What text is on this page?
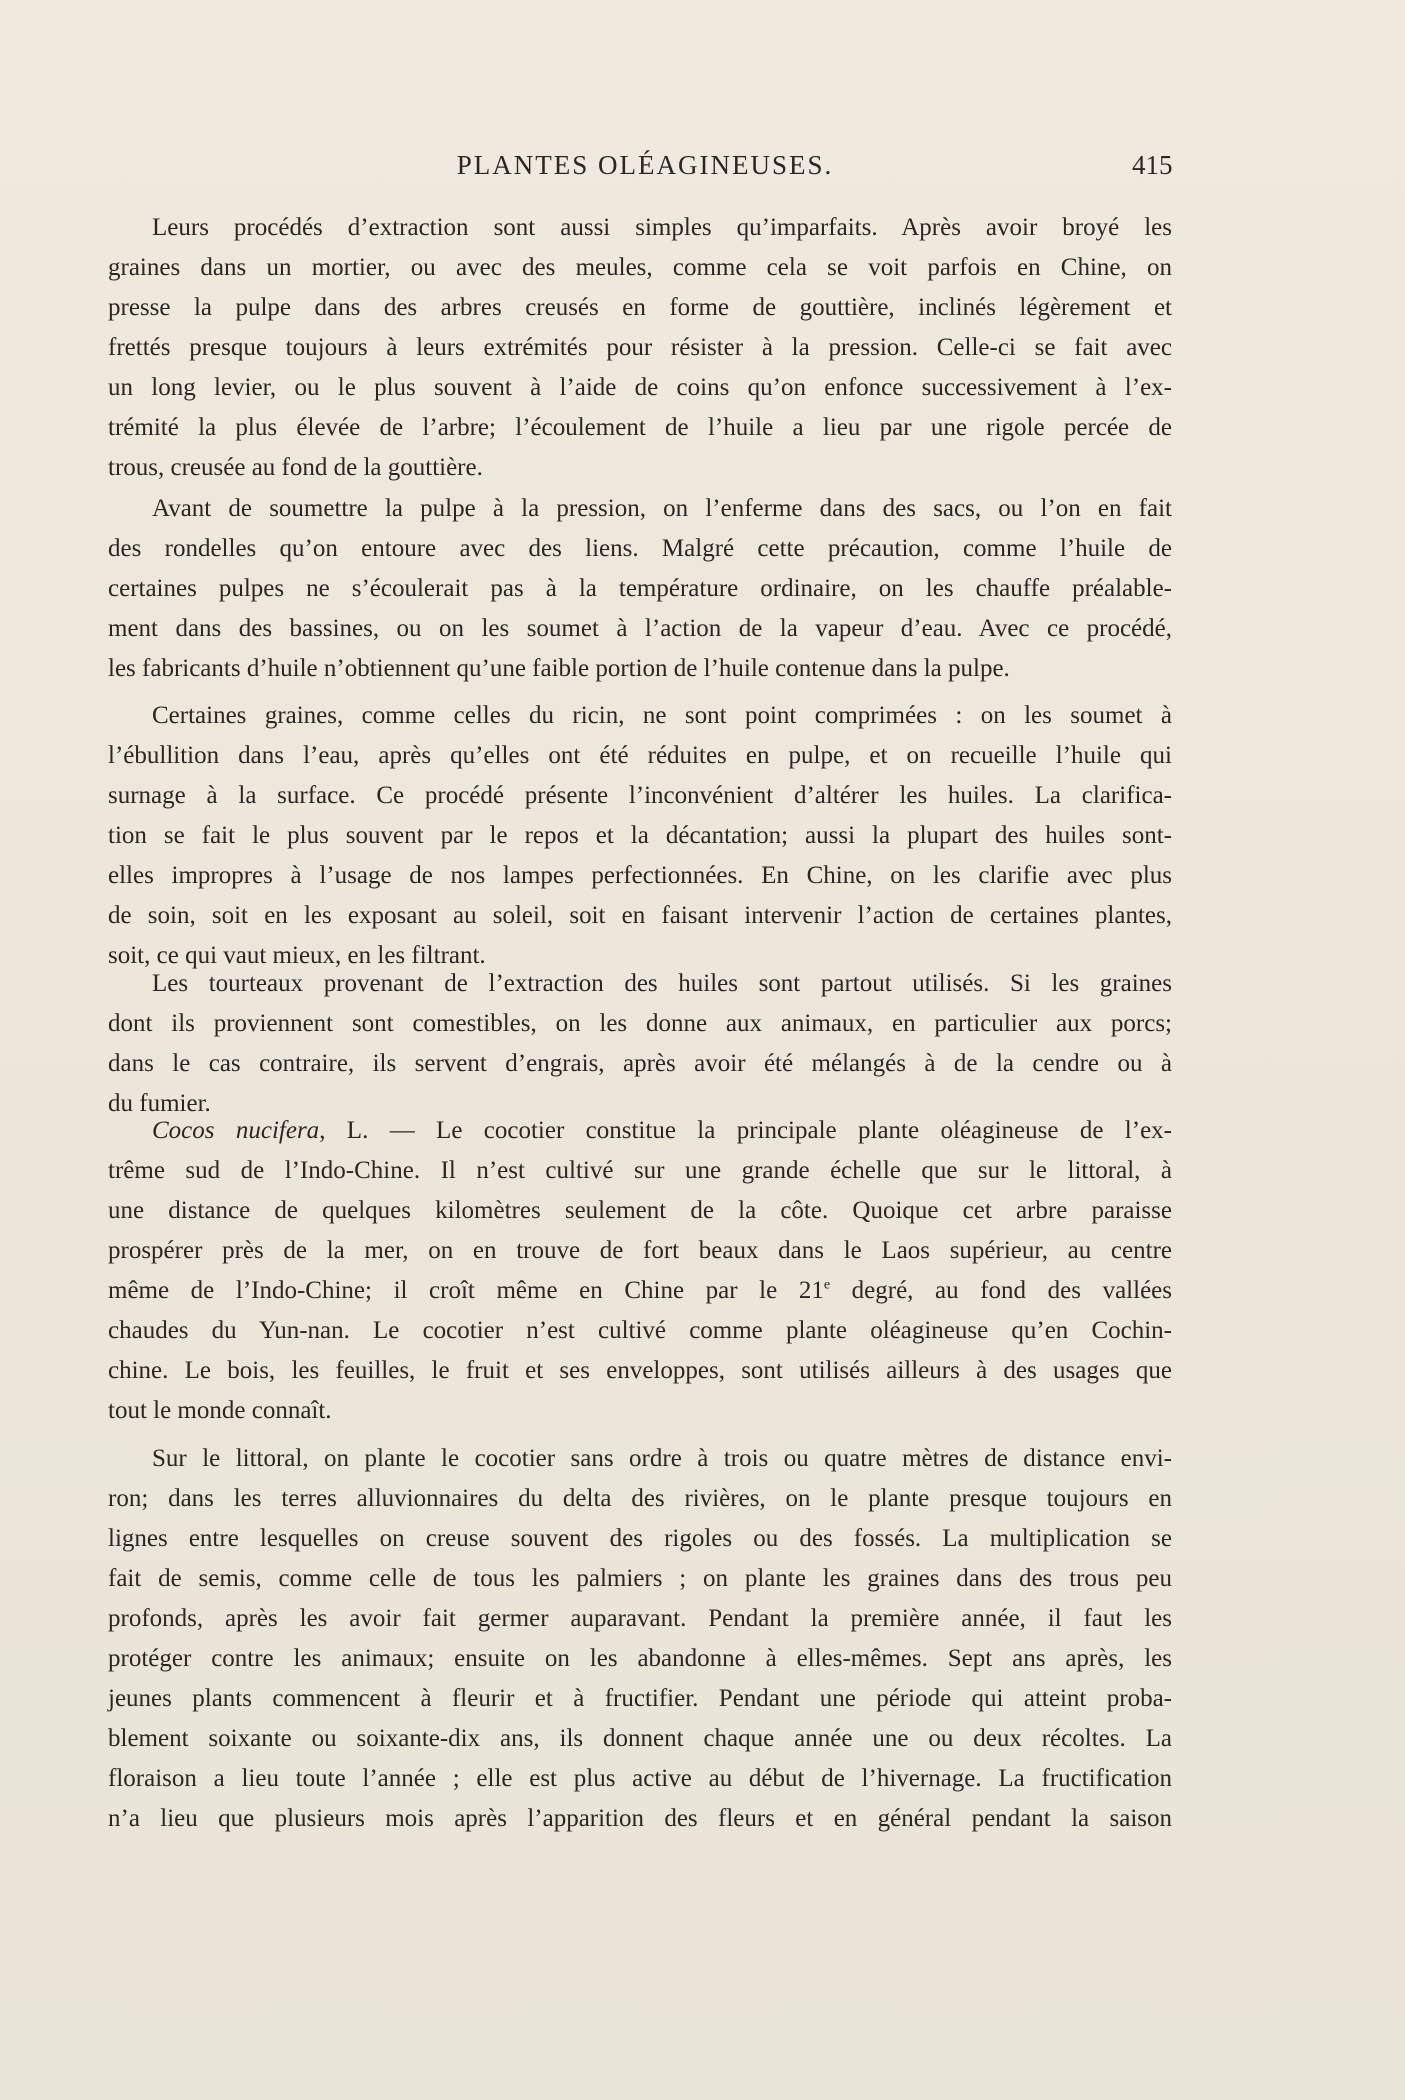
PLANTES OLÉAGINEUSES.	415
Leurs procédés d’extraction sont aussi simples qu’imparfaits. Après avoir broyé les
graines dans un mortier, ou avec des meules, comme cela se voit parfois en Chine, on
presse la pulpe dans des arbres creusés en forme de gouttière, inclinés légèrement et
frettés presque toujours à leurs extrémités pour résister à la pression. Celle-ci se fait avec
un long levier, ou le plus souvent à l’aide de coins qu’on enfonce successivement à l’ex-
trémité la plus élevée de l’arbre; l’écoulement de l’huile a lieu par une rigole percée de
trous, creusée au fond de la gouttière.
Avant de soumettre la pulpe à la pression, on l’enferme dans des sacs, ou l’on en fait
des rondelles qu’on entoure avec des liens. Malgré cette précaution, comme l’huile de
certaines pulpes ne s’écoulerait pas à la température ordinaire, on les chauffe préalable-
ment dans des bassines, ou on les soumet à l’action de la vapeur d’eau. Avec ce procédé,
les fabricants d’huile n’obtiennent qu’une faible portion de l’huile contenue dans la pulpe.
Certaines graines, comme celles du ricin, ne sont point comprimées : on les soumet à
l’ébullition dans l’eau, après qu’elles ont été réduites en pulpe, et on recueille l’huile qui
surnage à la surface. Ce procédé présente l’inconvénient d’altérer les huiles. La clarifica-
tion se fait le plus souvent par le repos et la décantation; aussi la plupart des huiles sont-
elles impropres à l’usage de nos lampes perfectionnées. En Chine, on les clarifie avec plus
de soin, soit en les exposant au soleil, soit en faisant intervenir l’action de certaines plantes,
soit, ce qui vaut mieux, en les filtrant.
Les tourteaux provenant de l’extraction des huiles sont partout utilisés. Si les graines
dont ils proviennent sont comestibles, on les donne aux animaux, en particulier aux porcs;
dans le cas contraire, ils servent d’engrais, après avoir été mélangés à de la cendre ou à
du fumier.
Cocos nucifera, L. — Le cocotier constitue la principale plante oléagineuse de l’ex-
trême sud de l’Indo-Chine. Il n’est cultivé sur une grande échelle que sur le littoral, à
une distance de quelques kilomètres seulement de la côte. Quoique cet arbre paraisse
prospérer près de la mer, on en trouve de fort beaux dans le Laos supérieur, au centre
même de l’Indo-Chine; il croît même en Chine par le 21e degré, au fond des vallées
chaudes du Yun-nan. Le cocotier n’est cultivé comme plante oléagineuse qu’en Cochin-
chine. Le bois, les feuilles, le fruit et ses enveloppes, sont utilisés ailleurs à des usages que
tout le monde connaît.
Sur le littoral, on plante le cocotier sans ordre à trois ou quatre mètres de distance envi-
ron; dans les terres alluvionnaires du delta des rivières, on le plante presque toujours en
lignes entre lesquelles on creuse souvent des rigoles ou des fossés. La multiplication se
fait de semis, comme celle de tous les palmiers ; on plante les graines dans des trous peu
profonds, après les avoir fait germer auparavant. Pendant la première année, il faut les
protéger contre les animaux; ensuite on les abandonne à elles-mêmes. Sept ans après, les
jeunes plants commencent à fleurir et à fructifier. Pendant une période qui atteint proba-
blement soixante ou soixante-dix ans, ils donnent chaque année une ou deux récoltes. La
floraison a lieu toute l’année ; elle est plus active au début de l’hivernage. La fructification
n’a lieu que plusieurs mois après l’apparition des fleurs et en général pendant la saison
